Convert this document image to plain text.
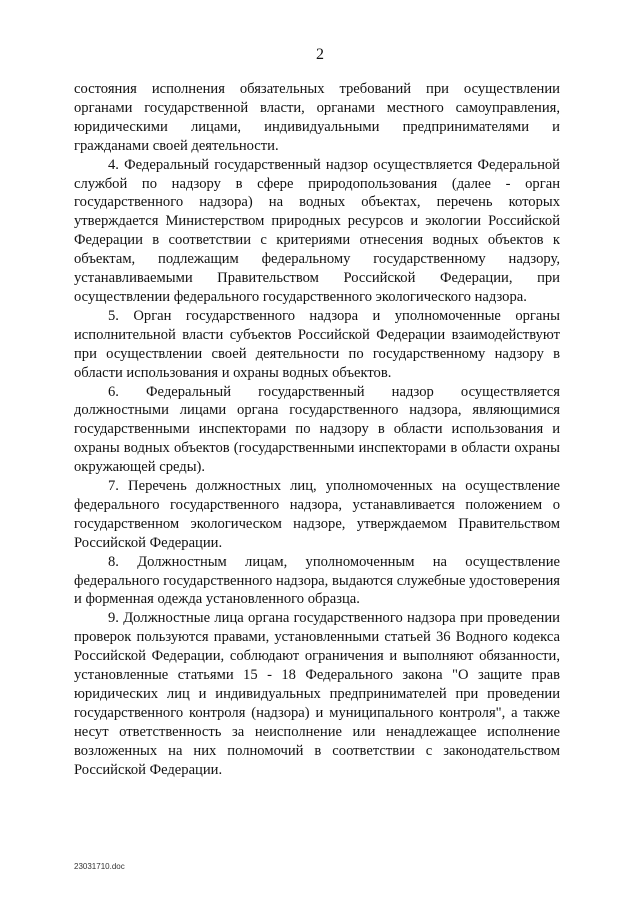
2

состояния исполнения обязательных требований при осуществлении органами государственной власти, органами местного самоуправления, юридическими лицами, индивидуальными предпринимателями и гражданами своей деятельности.

4. Федеральный государственный надзор осуществляется Федеральной службой по надзору в сфере природопользования (далее - орган государственного надзора) на водных объектах, перечень которых утверждается Министерством природных ресурсов и экологии Российской Федерации в соответствии с критериями отнесения водных объектов к объектам, подлежащим федеральному государственному надзору, устанавливаемыми Правительством Российской Федерации, при осуществлении федерального государственного экологического надзора.

5. Орган государственного надзора и уполномоченные органы исполнительной власти субъектов Российской Федерации взаимодействуют при осуществлении своей деятельности по государственному надзору в области использования и охраны водных объектов.

6. Федеральный государственный надзор осуществляется должностными лицами органа государственного надзора, являющимися государственными инспекторами по надзору в области использования и охраны водных объектов (государственными инспекторами в области охраны окружающей среды).

7. Перечень должностных лиц, уполномоченных на осуществление федерального государственного надзора, устанавливается положением о государственном экологическом надзоре, утверждаемом Правительством Российской Федерации.

8. Должностным лицам, уполномоченным на осуществление федерального государственного надзора, выдаются служебные удостоверения и форменная одежда установленного образца.

9. Должностные лица органа государственного надзора при проведении проверок пользуются правами, установленными статьей 36 Водного кодекса Российской Федерации, соблюдают ограничения и выполняют обязанности, установленные статьями 15 - 18 Федерального закона "О защите прав юридических лиц и индивидуальных предпринимателей при проведении государственного контроля (надзора) и муниципального контроля", а также несут ответственность за неисполнение или ненадлежащее исполнение возложенных на них полномочий в соответствии с законодательством Российской Федерации.

23031710.doc
